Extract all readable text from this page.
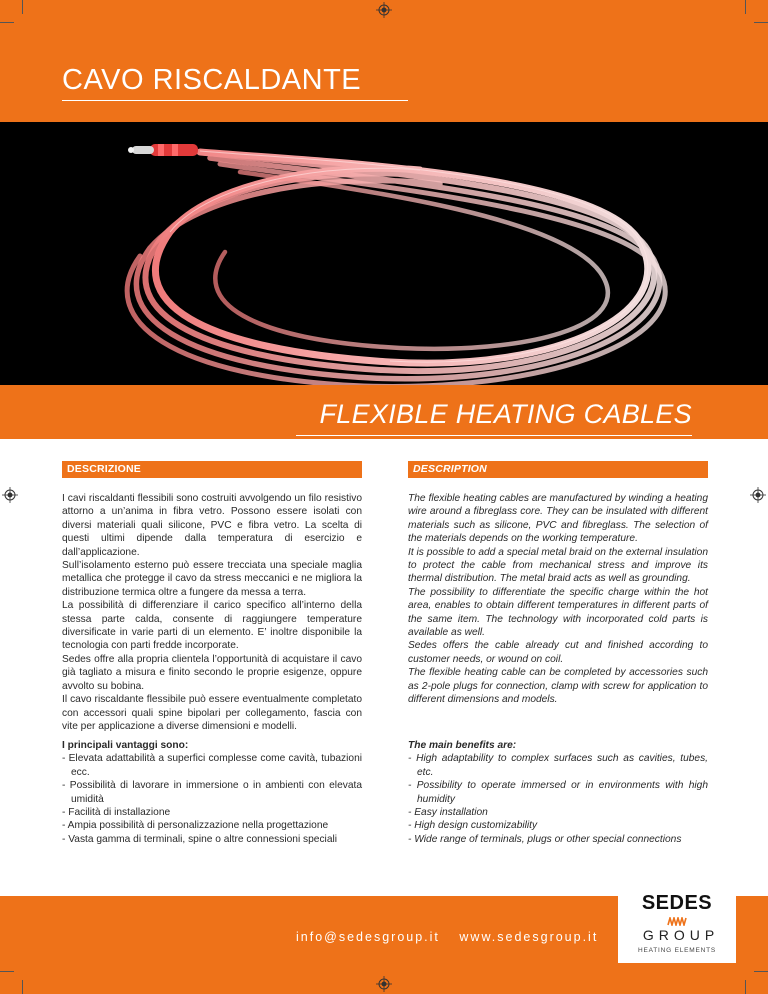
CAVO RISCALDANTE
FLEXIBLE HEATING CABLES
DESCRIZIONE

I cavi riscaldanti flessibili sono costruiti avvolgendo un filo resistivo attorno a un’anima in fibra vetro. Possono essere isolati con diversi materiali quali silicone, PVC e fibra vetro. La scelta di questi ultimi dipende dalla temperatura di esercizio e dall’applicazione.
Sull’isolamento esterno può essere trecciata una speciale maglia metallica che protegge il cavo da stress meccanici e ne migliora la distribuzione termica oltre a fungere da messa a terra.
La possibilità di differenziare il carico specifico all’interno della stessa parte calda, consente di raggiungere temperature diversificate in varie parti di un elemento. E’ inoltre disponibile la tecnologia con parti fredde incorporate.
Sedes offre alla propria clientela l’opportunità di acquistare il cavo già tagliato a misura e finito secondo le proprie esigenze, oppure avvolto su bobina.
Il cavo riscaldante flessibile può essere eventualmente completato con accessori quali spine bipolari per collegamento, fascia con vite per applicazione a diverse dimensioni e modelli.

DESCRIPTION

The flexible heating cables are manufactured by winding a heating wire around a fibreglass core. They can be insulated with different materials such as silicone, PVC and fibreglass. The selection of the materials depends on the working temperature.
It is possible to add a special metal braid on the external insulation to protect the cable from mechanical stress and improve its thermal distribution. The metal braid acts as well as grounding.
The possibility to differentiate the specific charge within the hot area, enables to obtain different temperatures in different parts of the same item. The technology with incorporated cold parts is available as well.
Sedes offers the cable already cut and finished according to customer needs, or wound on coil.
The flexible heating cable can be completed by accessories such as 2-pole plugs for connection, clamp with screw for application to different dimensions and models.

I principali vantaggi sono:
- Elevata adattabilità a superfici complesse come cavità, tubazioni ecc.
- Possibilità di lavorare in immersione o in ambienti con elevata umidità
- Facilità di installazione
- Ampia possibilità di personalizzazione nella progettazione
- Vasta gamma di terminali, spine o altre connessioni speciali
The main benefits are:
- High adaptability to complex surfaces such as cavities, tubes, etc.
- Possibility to operate immersed or in environments with high humidity
- Easy installation
- High design customizability
- Wide range of terminals, plugs or other special connections
info@sedesgroup.it www.sedesgroup.it
SEDES
GROUP
HEATING ELEMENTS
